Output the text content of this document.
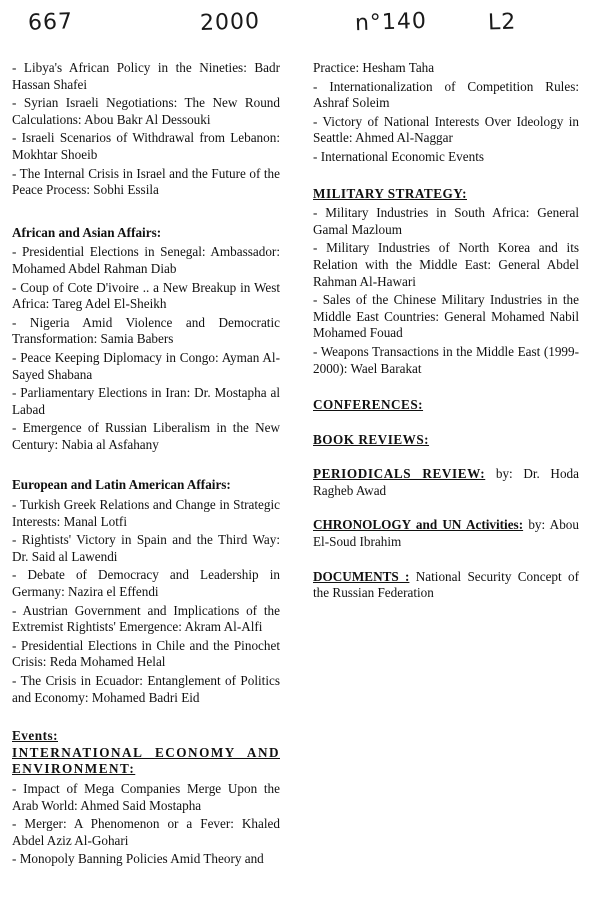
667	2000	n°140	L2
- Libya's African Policy in the Nineties: Badr Hassan Shafei
- Syrian Israeli Negotiations: The New Round Calculations: Abou Bakr Al Dessouki
- Israeli Scenarios of Withdrawal from Lebanon: Mokhtar Shoeib
- The Internal Crisis in Israel and the Future of the Peace Process: Sobhi Essila
African and Asian Affairs:
- Presidential Elections in Senegal: Ambassador: Mohamed Abdel Rahman Diab
- Coup of Cote D'ivoire .. a New Breakup in West Africa: Tareg Adel El-Sheikh
- Nigeria Amid Violence and Democratic Transformation: Samia Babers
- Peace Keeping Diplomacy in Congo: Ayman Al-Sayed Shabana
- Parliamentary Elections in Iran: Dr. Mostapha al Labad
- Emergence of Russian Liberalism in the New Century: Nabia al Asfahany
European and Latin American Affairs:
- Turkish Greek Relations and Change in Strategic Interests: Manal Lotfi
- Rightists' Victory in Spain and the Third Way: Dr. Said al Lawendi
- Debate of Democracy and Leadership in Germany: Nazira el Effendi
- Austrian Government and Implications of the Extremist Rightists' Emergence: Akram Al-Alfi
- Presidential Elections in Chile and the Pinochet Crisis: Reda Mohamed Helal
- The Crisis in Ecuador: Entanglement of Politics and Economy: Mohamed Badri Eid
Events:
INTERNATIONAL ECONOMY AND
ENVIRONMENT:
- Impact of Mega Companies Merge Upon the Arab World: Ahmed Said Mostapha
- Merger: A Phenomenon or a Fever: Khaled Abdel Aziz Al-Gohari
- Monopoly Banning Policies Amid Theory and
Practice: Hesham Taha
- Internationalization of Competition Rules: Ashraf Soleim
- Victory of National Interests Over Ideology in Seattle: Ahmed Al-Naggar
- International Economic Events
MILITARY STRATEGY:
- Military Industries in South Africa: General Gamal Mazloum
- Military Industries of North Korea and its Relation with the Middle East: General Abdel Rahman Al-Hawari
- Sales of the Chinese Military Industries in the Middle East Countries: General Mohamed Nabil Mohamed Fouad
- Weapons Transactions in the Middle East (1999-2000): Wael Barakat
CONFERENCES:
BOOK REVIEWS:
PERIODICALS REVIEW: by: Dr. Hoda Ragheb Awad
CHRONOLOGY and UN Activities: by: Abou El-Soud Ibrahim
DOCUMENTS : National Security Concept of the Russian Federation
